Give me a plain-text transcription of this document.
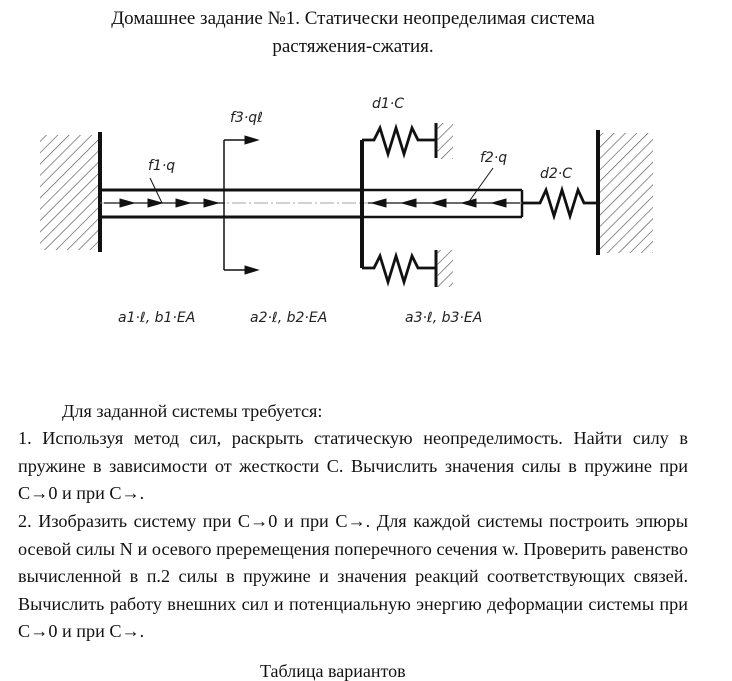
Домашнее задание №1. Статически неопределимая система
растяжения-сжатия.
f3·qℓ
f1·q
d1·C
f2·q
d2·C
a1·ℓ, b1·EA	a2·ℓ, b2·EA	a3·ℓ, b3·EA
Для заданной системы требуется:

1. Используя метод сил, раскрыть статическую неопределимость. Найти силу в пружине в зависимости от жесткости С. Вычислить значения силы в пружине при С→0 и при С→.

2. Изобразить систему при С→0 и при С→. Для каждой системы построить эпюры осевой силы N и осевого преремещения поперечного сечения w. Проверить равенство вычисленной в п.2 силы в пружине и значения реакций соответствующих связей. Вычислить работу внешних сил и потенциальную энергию деформации системы при С→0 и при С→.

Таблица вариантов
